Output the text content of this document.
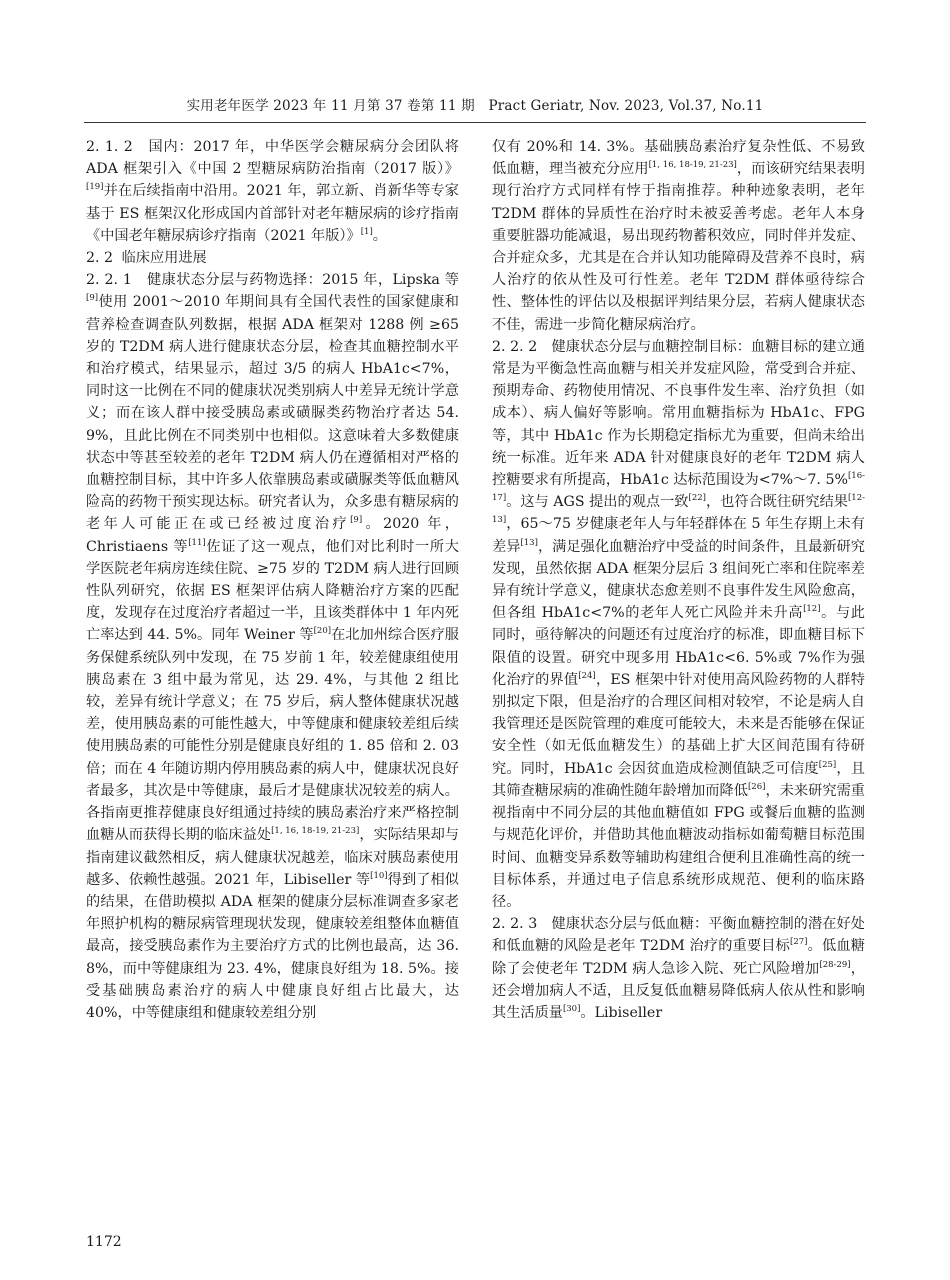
实用老年医学 2023 年 11 月第 37 卷第 11 期　Pract Geriatr, Nov. 2023, Vol.37, No.11

2. 1. 2　国内：2017 年，中华医学会糖尿病分会团队将 ADA 框架引入《中国 2 型糖尿病防治指南（2017 版）》[19]并在后续指南中沿用。2021 年，郭立新、肖新华等专家基于 ES 框架汉化形成国内首部针对老年糖尿病的诊疗指南《中国老年糖尿病诊疗指南（2021 年版）》[1]。

2. 2 临床应用进展

2. 2. 1　健康状态分层与药物选择：2015 年，Lipska 等[9]使用 2001～2010 年期间具有全国代表性的国家健康和营养检查调查队列数据，根据 ADA 框架对 1288 例 ≥65 岁的 T2DM 病人进行健康状态分层，检查其血糖控制水平和治疗模式，结果显示，超过 3/5 的病人 HbA1c<7%，同时这一比例在不同的健康状况类别病人中差异无统计学意义；而在该人群中接受胰岛素或磺脲类药物治疗者达 54. 9%，且此比例在不同类别中也相似。这意味着大多数健康状态中等甚至较差的老年 T2DM 病人仍在遵循相对严格的血糖控制目标，其中许多人依靠胰岛素或磺脲类等低血糖风险高的药物干预实现达标。研究者认为，众多患有糖尿病的老年人可能正在或已经被过度治疗[9]。2020 年，Christiaens 等[11]佐证了这一观点，他们对比利时一所大学医院老年病房连续住院、≥75 岁的 T2DM 病人进行回顾性队列研究，依据 ES 框架评估病人降糖治疗方案的匹配度，发现存在过度治疗者超过一半，且该类群体中 1 年内死亡率达到 44. 5%。同年 Weiner 等[20]在北加州综合医疗服务保健系统队列中发现，在 75 岁前 1 年，较差健康组使用胰岛素在 3 组中最为常见，达 29. 4%，与其他 2 组比较，差异有统计学意义；在 75 岁后，病人整体健康状况越差，使用胰岛素的可能性越大，中等健康和健康较差组后续使用胰岛素的可能性分别是健康良好组的 1. 85 倍和 2. 03 倍；而在 4 年随访期内停用胰岛素的病人中，健康状况良好者最多，其次是中等健康，最后才是健康状况较差的病人。各指南更推荐健康良好组通过持续的胰岛素治疗来严格控制血糖从而获得长期的临床益处[1, 16, 18-19, 21-23]，实际结果却与指南建议截然相反，病人健康状况越差，临床对胰岛素使用越多、依赖性越强。2021 年，Libiseller 等[10]得到了相似的结果，在借助模拟 ADA 框架的健康分层标准调查多家老年照护机构的糖尿病管理现状发现，健康较差组整体血糖值最高，接受胰岛素作为主要治疗方式的比例也最高，达 36. 8%，而中等健康组为 23. 4%，健康良好组为 18. 5%。接受基础胰岛素治疗的病人中健康良好组占比最大，达 40%，中等健康组和健康较差组分别

仅有 20%和 14. 3%。基础胰岛素治疗复杂性低、不易致低血糖，理当被充分应用[1, 16, 18-19, 21-23]，而该研究结果表明现行治疗方式同样有悖于指南推荐。种种迹象表明，老年 T2DM 群体的异质性在治疗时未被妥善考虑。老年人本身重要脏器功能减退，易出现药物蓄积效应，同时伴并发症、合并症众多，尤其是在合并认知功能障碍及营养不良时，病人治疗的依从性及可行性差。老年 T2DM 群体亟待综合性、整体性的评估以及根据评判结果分层，若病人健康状态不佳，需进一步简化糖尿病治疗。

2. 2. 2　健康状态分层与血糖控制目标：血糖目标的建立通常是为平衡急性高血糖与相关并发症风险，常受到合并症、预期寿命、药物使用情况、不良事件发生率、治疗负担（如成本）、病人偏好等影响。常用血糖指标为 HbA1c、FPG 等，其中 HbA1c 作为长期稳定指标尤为重要，但尚未给出统一标准。近年来 ADA 针对健康良好的老年 T2DM 病人控糖要求有所提高，HbA1c 达标范围设为<7%～7. 5%[16-17]。这与 AGS 提出的观点一致[22]，也符合既往研究结果[12-13]，65～75 岁健康老年人与年轻群体在 5 年生存期上未有差异[13]，满足强化血糖治疗中受益的时间条件，且最新研究发现，虽然依据 ADA 框架分层后 3 组间死亡率和住院率差异有统计学意义，健康状态愈差则不良事件发生风险愈高，但各组 HbA1c<7%的老年人死亡风险并未升高[12]。与此同时，亟待解决的问题还有过度治疗的标准，即血糖目标下限值的设置。研究中现多用 HbA1c<6. 5%或 7%作为强化治疗的界值[24]，ES 框架中针对使用高风险药物的人群特别拟定下限，但是治疗的合理区间相对较窄，不论是病人自我管理还是医院管理的难度可能较大，未来是否能够在保证安全性（如无低血糖发生）的基础上扩大区间范围有待研究。同时，HbA1c 会因贫血造成检测值缺乏可信度[25]，且其筛查糖尿病的准确性随年龄增加而降低[26]，未来研究需重视指南中不同分层的其他血糖值如 FPG 或餐后血糖的监测与规范化评价，并借助其他血糖波动指标如葡萄糖目标范围时间、血糖变异系数等辅助构建组合便利且准确性高的统一目标体系，并通过电子信息系统形成规范、便利的临床路径。

2. 2. 3　健康状态分层与低血糖：平衡血糖控制的潜在好处和低血糖的风险是老年 T2DM 治疗的重要目标[27]。低血糖除了会使老年 T2DM 病人急诊入院、死亡风险增加[28-29]，还会增加病人不适，且反复低血糖易降低病人依从性和影响其生活质量[30]。Libiseller

1172
